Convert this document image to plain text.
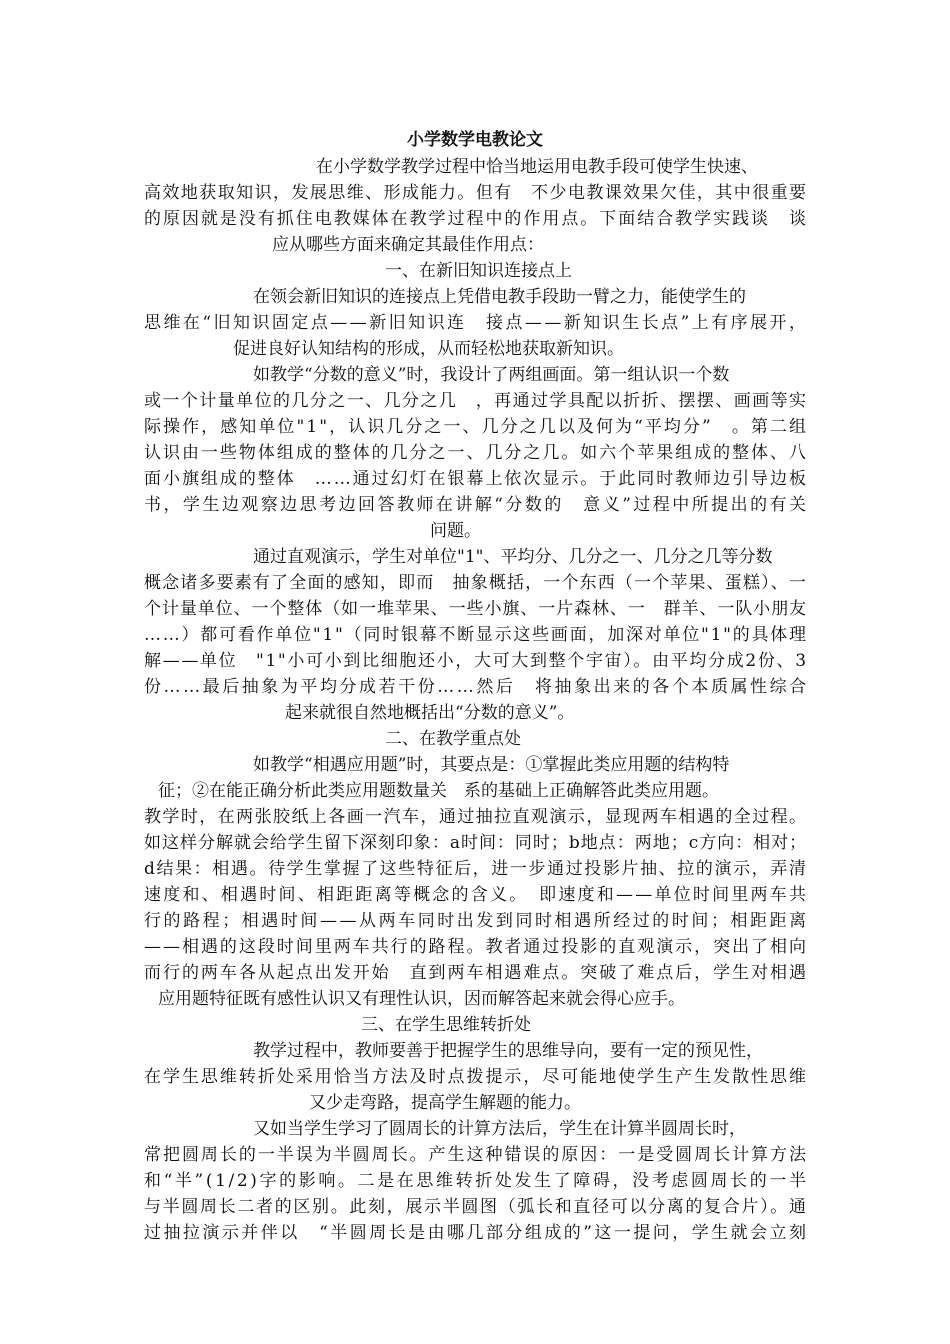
小学数学电教论文
在小学数学教学过程中恰当地运用电教手段可使学生快速、
高效地获取知识，发展思维、形成能力。但有　不少电教课效果欠佳，其中很重要
的原因就是没有抓住电教媒体在教学过程中的作用点。下面结合教学实践谈　谈
应从哪些方面来确定其最佳作用点：
一、在新旧知识连接点上
在领会新旧知识的连接点上凭借电教手段助一臂之力，能使学生的
思维在“旧知识固定点——新旧知识连　接点——新知识生长点”上有序展开，
促进良好认知结构的形成，从而轻松地获取新知识。
如教学“分数的意义”时，我设计了两组画面。第一组认识一个数
或一个计量单位的几分之一、几分之几　，再通过学具配以折折、摆摆、画画等实
际操作，感知单位"1"，认识几分之一、几分之几以及何为“平均分”　。第二组
认识由一些物体组成的整体的几分之一、几分之几。如六个苹果组成的整体、八
面小旗组成的整体　……通过幻灯在银幕上依次显示。于此同时教师边引导边板
书，学生边观察边思考边回答教师在讲解“分数的　意义”过程中所提出的有关
问题。
通过直观演示，学生对单位"1"、平均分、几分之一、几分之几等分数
概念诸多要素有了全面的感知，即而　抽象概括，一个东西（一个苹果、蛋糕）、一
个计量单位、一个整体（如一堆苹果、一些小旗、一片森林、一　群羊、一队小朋友
……）都可看作单位"1"（同时银幕不断显示这些画面，加深对单位"1"的具体理
解——单位　"1"小可小到比细胞还小，大可大到整个宇宙）。由平均分成2份、3
份……最后抽象为平均分成若干份……然后　将抽象出来的各个本质属性综合
起来就很自然地概括出“分数的意义”。
二、在教学重点处
如教学“相遇应用题”时，其要点是：①掌握此类应用题的结构特
征；②在能正确分析此类应用题数量关　系的基础上正确解答此类应用题。
教学时，在两张胶纸上各画一汽车，通过抽拉直观演示，显现两车相遇的全过程。
如这样分解就会给学生留下深刻印象：a时间：同时；b地点：两地；c方向：相对；
d结果：相遇。待学生掌握了这些特征后，进一步通过投影片抽、拉的演示，弄清
速度和、相遇时间、相距距离等概念的含义。　即速度和——单位时间里两车共
行的路程；相遇时间——从两车同时出发到同时相遇所经过的时间；相距距离
——相遇的这段时间里两车共行的路程。教者通过投影的直观演示，突出了相向
而行的两车各从起点出发开始　直到两车相遇难点。突破了难点后，学生对相遇
应用题特征既有感性认识又有理性认识，因而解答起来就会得心应手。
三、在学生思维转折处
教学过程中，教师要善于把握学生的思维导向，要有一定的预见性，
在学生思维转折处采用恰当方法及时点拨提示，尽可能地使学生产生发散性思维
又少走弯路，提高学生解题的能力。
又如当学生学习了圆周长的计算方法后，学生在计算半圆周长时，
常把圆周长的一半误为半圆周长。产生这种错误的原因：一是受圆周长计算方法
和“半”(1/2)字的影响。二是在思维转折处发生了障碍，没考虑圆周长的一半
与半圆周长二者的区别。此刻，展示半圆图（弧长和直径可以分离的复合片）。通
过抽拉演示并伴以　“半圆周长是由哪几部分组成的”这一提问，学生就会立刻
